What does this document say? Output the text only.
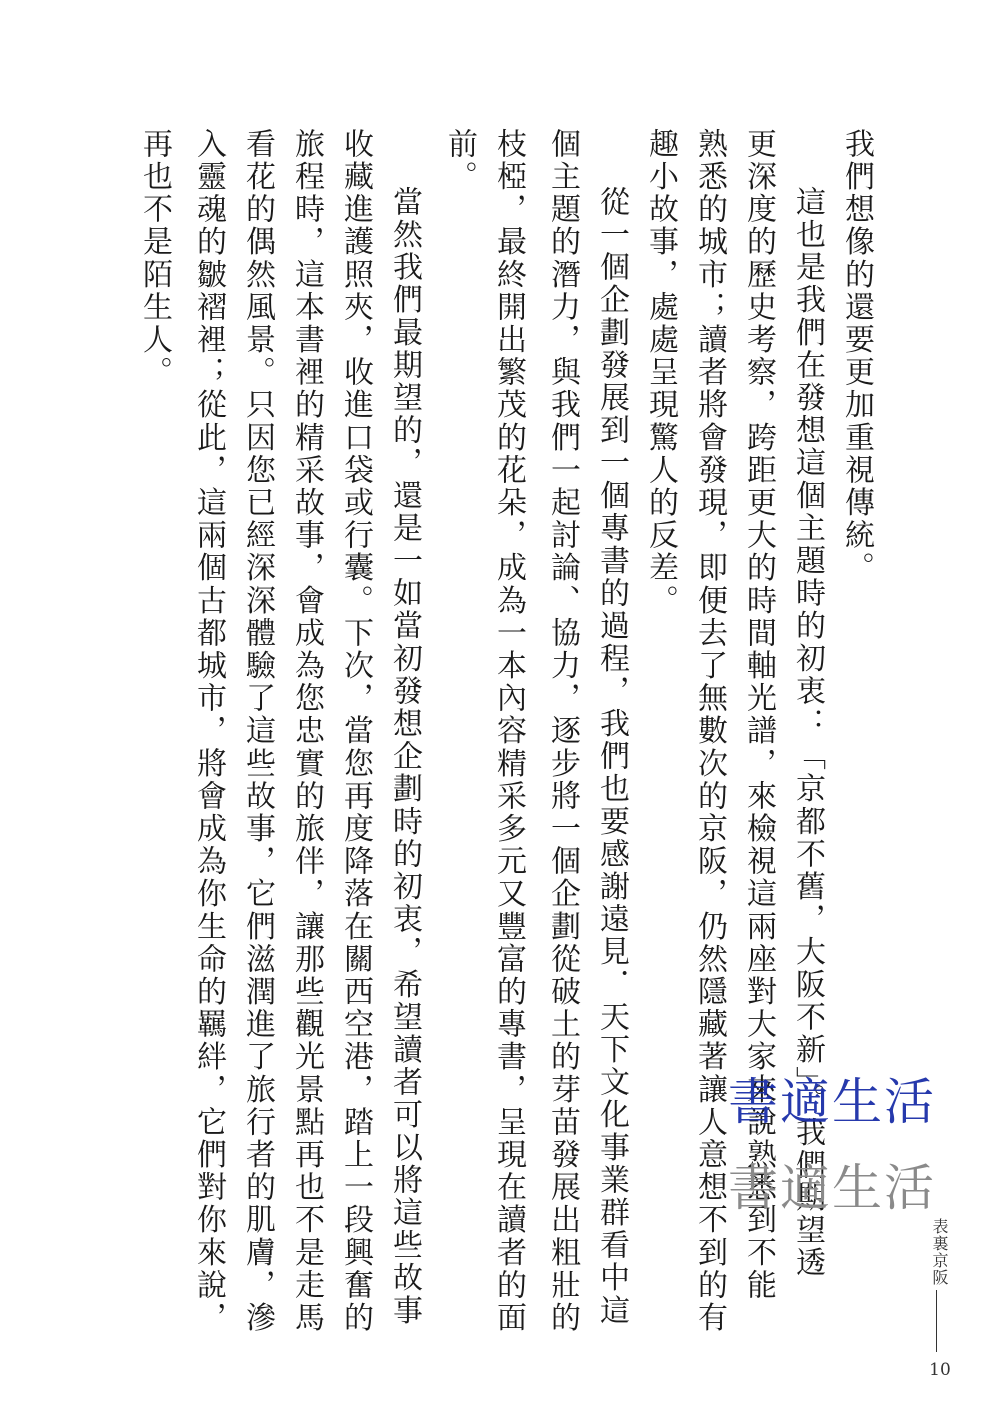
我們想像的還要更加重視傳統。
這也是我們在發想這個主題時的初衷：「京都不舊，大阪不新」。我們期望透
更深度的歷史考察，跨距更大的時間軸光譜，來檢視這兩座對大家來說熟悉到不能
熟悉的城市；讀者將會發現，即便去了無數次的京阪，仍然隱藏著讓人意想不到的有
趣小故事，處處呈現驚人的反差。
從一個企劃發展到一個專書的過程，我們也要感謝遠見．天下文化事業群看中這
個主題的潛力，與我們一起討論、協力，逐步將一個企劃從破土的芽苗發展出粗壯的
枝椏，最終開出繁茂的花朵，成為一本內容精采多元又豐富的專書，呈現在讀者的面
前。
當然我們最期望的，還是一如當初發想企劃時的初衷，希望讀者可以將這些故事
收藏進護照夾，收進口袋或行囊。下次，當您再度降落在關西空港，踏上一段興奮的
旅程時，這本書裡的精采故事，會成為您忠實的旅伴，讓那些觀光景點再也不是走馬
看花的偶然風景。只因您已經深深體驗了這些故事，它們滋潤進了旅行者的肌膚，滲
入靈魂的皺褶裡；從此，這兩個古都城市，將會成為你生命的羈絆，它們對你來說，
再也不是陌生人。
書適生活
書適生活
表裏京阪
10
